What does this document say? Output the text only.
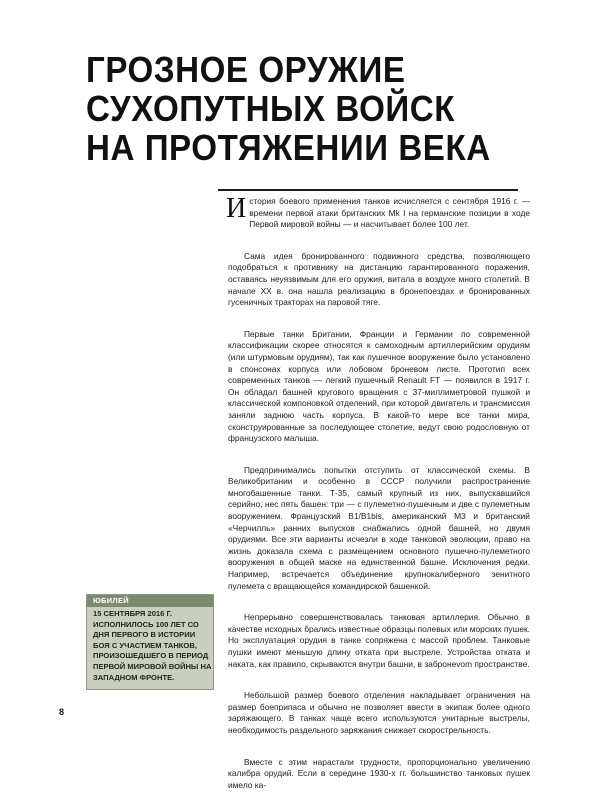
ГРОЗНОЕ ОРУЖИЕ
СУХОПУТНЫХ ВОЙСК
НА ПРОТЯЖЕНИИ ВЕКА

История боевого применения танков исчисляется с сентября 1916 г. — времени первой атаки британских Mk I на германские позиции в ходе Первой мировой войны — и насчитывает более 100 лет.

Сама идея бронированного подвижного средства, позволяющего подобраться к противнику на дистанцию гарантированного поражения, оставаясь неуязвимым для его оружия, витала в воздухе много столетий. В начале XX в. она нашла реализацию в бронепоездах и бронированных гусеничных тракторах на паровой тяге.

Первые танки Британии, Франции и Германии по современной классификации скорее относятся к самоходным артиллерийским орудиям (или штурмовым орудиям), так как пушечное вооружение было установлено в спонсонах корпуса или лобовом броневом листе. Прототип всех современных танков — легкий пушечный Renault FT — появился в 1917 г. Он обладал башней кругового вращения с 37-миллиметровой пушкой и классической компоновкой отделений, при которой двигатель и трансмиссия заняли заднюю часть корпуса. В какой-то мере все танки мира, сконструированные за последующее столетие, ведут свою родословную от французского малыша.

Предпринимались попытки отступить от классической схемы. В Великобритании и особенно в СССР получили распространение многобашенные танки. Т-35, самый крупный из них, выпускавшийся серийно, нес пять башен: три — с пулеметно-пушечным и две с пулеметным вооружением. Французский B1/B1bis, американский M3 и британский «Черчилль» ранних выпусков снабжались одной башней, но двумя орудиями. Все эти варианты исчезли в ходе танковой эволюции, право на жизнь доказала схема с размещением основного пушечно-пулеметного вооружения в общей маске на единственной башне. Исключения редки. Например, встречается объединение крупнокалиберного зенитного пулемета с вращающейся командирской башенкой.

Непрерывно совершенствовалась танковая артиллерия. Обычно в качестве исходных брались известные образцы полевых или морских пушек. Но эксплуатация орудия в танке сопряжена с массой проблем. Танковые пушки имеют меньшую длину отката при выстреле. Устройства отката и наката, как правило, скрываются внутри башни, в забронevom пространстве.

Небольшой размер боевого отделения накладывает ограничения на размер боеприпаса и обычно не позволяет ввести в экипаж более одного заряжающего. В танках чаще всего используются унитарные выстрелы, необходимость раздельного заряжания снижает скорострельность.

Вместе с этим нарастали трудности, пропорционально увеличению калибра орудий. Если в середине 1930-х гг. большинство танковых пушек имело ка-

ЮБИЛЕЙ

15 СЕНТЯБРЯ 2016 Г. ИСПОЛНИЛОСЬ 100 ЛЕТ СО ДНЯ ПЕРВОГО В ИСТОРИИ БОЯ С УЧАСТИЕМ ТАНКОВ, ПРОИЗОШЕДШЕГО В ПЕРИОД ПЕРВОЙ МИРОВОЙ ВОЙНЫ НА ЗАПАДНОМ ФРОНТЕ.

8
